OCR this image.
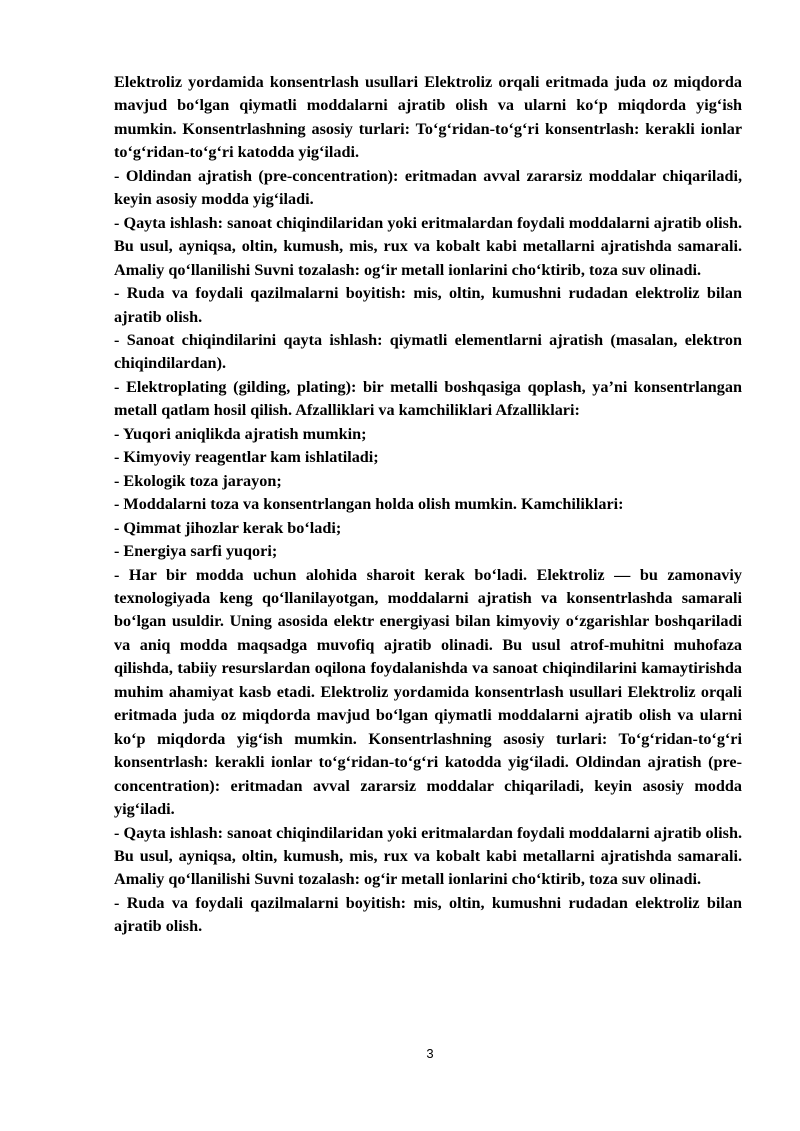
Elektroliz yordamida konsentrlash usullari Elektroliz orqali eritmada juda oz miqdorda mavjud bo‘lgan qiymatli moddalarni ajratib olish va ularni ko‘p miqdorda yig‘ish mumkin. Konsentrlashning asosiy turlari: To‘g‘ridan-to‘g‘ri konsentrlash: kerakli ionlar to‘g‘ridan-to‘g‘ri katodda yig‘iladi.

- Oldindan ajratish (pre-concentration): eritmadan avval zararsiz moddalar chiqariladi, keyin asosiy modda yig‘iladi.

- Qayta ishlash: sanoat chiqindilaridan yoki eritmalardan foydali moddalarni ajratib olish. Bu usul, ayniqsa, oltin, kumush, mis, rux va kobalt kabi metallarni ajratishda samarali. Amaliy qo‘llanilishi Suvni tozalash: og‘ir metall ionlarini cho‘ktirib, toza suv olinadi.

- Ruda va foydali qazilmalarni boyitish: mis, oltin, kumushni rudadan elektroliz bilan ajratib olish.

- Sanoat chiqindilarini qayta ishlash: qiymatli elementlarni ajratish (masalan, elektron chiqindilardan).

- Elektroplating (gilding, plating): bir metalli boshqasiga qoplash, ya’ni konsentrlangan metall qatlam hosil qilish. Afzalliklari va kamchiliklari Afzalliklari:

- Yuqori aniqlikda ajratish mumkin;

- Kimyoviy reagentlar kam ishlatiladi;

- Ekologik toza jarayon;

- Moddalarni toza va konsentrlangan holda olish mumkin. Kamchiliklari:

- Qimmat jihozlar kerak bo‘ladi;

- Energiya sarfi yuqori;

- Har bir modda uchun alohida sharoit kerak bo‘ladi. Elektroliz — bu zamonaviy texnologiyada keng qo‘llanilayotgan, moddalarni ajratish va konsentrlashda samarali bo‘lgan usuldir. Uning asosida elektr energiyasi bilan kimyoviy o‘zgarishlar boshqariladi va aniq modda maqsadga muvofiq ajratib olinadi. Bu usul atrof-muhitni muhofaza qilishda, tabiiy resurslardan oqilona foydalanishda va sanoat chiqindilarini kamaytirishda muhim ahamiyat kasb etadi. Elektroliz yordamida konsentrlash usullari Elektroliz orqali eritmada juda oz miqdorda mavjud bo‘lgan qiymatli moddalarni ajratib olish va ularni ko‘p miqdorda yig‘ish mumkin. Konsentrlashning asosiy turlari: To‘g‘ridan-to‘g‘ri konsentrlash: kerakli ionlar to‘g‘ridan-to‘g‘ri katodda yig‘iladi. Oldindan ajratish (pre-concentration): eritmadan avval zararsiz moddalar chiqariladi, keyin asosiy modda yig‘iladi.

- Qayta ishlash: sanoat chiqindilaridan yoki eritmalardan foydali moddalarni ajratib olish. Bu usul, ayniqsa, oltin, kumush, mis, rux va kobalt kabi metallarni ajratishda samarali. Amaliy qo‘llanilishi Suvni tozalash: og‘ir metall ionlarini cho‘ktirib, toza suv olinadi.

- Ruda va foydali qazilmalarni boyitish: mis, oltin, kumushni rudadan elektroliz bilan ajratib olish.

3
